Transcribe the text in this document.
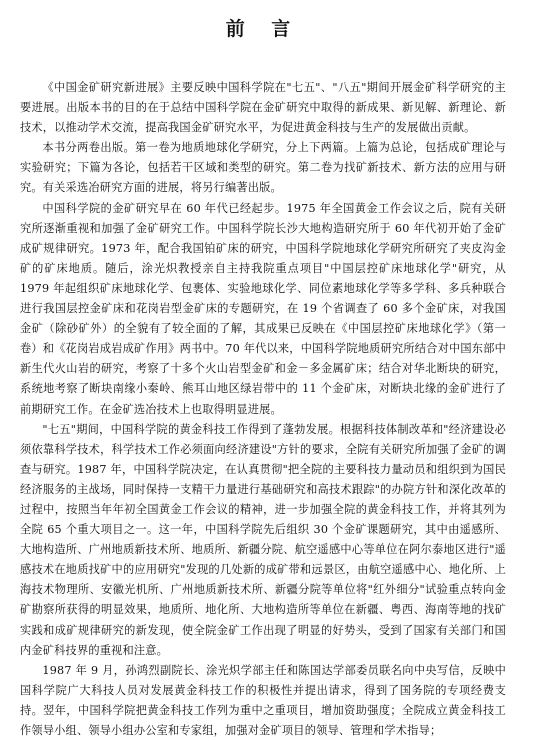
前 言

《中国金矿研究新进展》主要反映中国科学院在"七五"、"八五"期间开展金矿科学研究的主要进展。出版本书的目的在于总结中国科学院在金矿研究中取得的新成果、新见解、新理论、新技术，以推动学术交流，提高我国金矿研究水平，为促进黄金科技与生产的发展做出贡献。

本书分两卷出版。第一卷为地质地球化学研究，分上下两篇。上篇为总论，包括成矿理论与实验研究；下篇为各论，包括若干区域和类型的研究。第二卷为找矿新技术、新方法的应用与研究。有关采选冶研究方面的进展，将另行编著出版。

中国科学院的金矿研究早在 60 年代已经起步。1975 年全国黄金工作会议之后，院有关研究所逐渐重视和加强了金矿研究工作。中国科学院长沙大地构造研究所于 60 年代初开始了金矿成矿规律研究。1973 年，配合我国铂矿床的研究，中国科学院地球化学研究所研究了夹皮沟金矿的矿床地质。随后，涂光炽教授亲自主持我院重点项目"中国层控矿床地球化学"研究，从 1979 年起组织矿床地球化学、包裹体、实验地球化学、同位素地球化学等多学科、多兵种联合进行我国层控金矿床和花岗岩型金矿床的专题研究，在 19 个省调查了 60 多个金矿床，对我国金矿（除砂矿外）的全貌有了较全面的了解，其成果已反映在《中国层控矿床地球化学》（第一卷）和《花岗岩成岩成矿作用》两书中。70 年代以来，中国科学院地质研究所结合对中国东部中新生代火山岩的研究，考察了十多个火山岩型金矿和金－多金属矿床；结合对华北断块的研究，系统地考察了断块南缘小秦岭、熊耳山地区绿岩带中的 11 个金矿床，对断块北缘的金矿进行了前期研究工作。在金矿选冶技术上也取得明显进展。

"七五"期间，中国科学院的黄金科技工作得到了蓬勃发展。根据科技体制改革和"经济建设必须依靠科学技术，科学技术工作必须面向经济建设"方针的要求，全院有关研究所加强了金矿的调查与研究。1987 年，中国科学院决定，在认真贯彻"把全院的主要科技力量动员和组织到为国民经济服务的主战场，同时保持一支精干力量进行基础研究和高技术跟踪"的办院方针和深化改革的过程中，按照当年年初全国黄金工作会议的精神，进一步加强全院的黄金科技工作，并将其列为全院 65 个重大项目之一。这一年，中国科学院先后组织 30 个金矿课题研究，其中由遥感所、大地构造所、广州地质新技术所、地质所、新疆分院、航空遥感中心等单位在阿尔泰地区进行"遥感技术在地质找矿中的应用研究"发现的几处新的成矿带和远景区，由航空遥感中心、地化所、上海技术物理所、安徽光机所、广州地质新技术所、新疆分院等单位将"红外细分"试验重点转向金矿勘察所获得的明显效果，地质所、地化所、大地构造所等单位在新疆、粤西、海南等地的找矿实践和成矿规律研究的新发现，使全院金矿工作出现了明显的好势头，受到了国家有关部门和国内金矿科技界的重视和注意。

1987 年 9 月，孙鸿烈副院长、涂光炽学部主任和陈国达学部委员联名向中央写信，反映中国科学院广大科技人员对发展黄金科技工作的积极性并提出请求，得到了国务院的专项经费支持。翌年，中国科学院把黄金科技工作列为重中之重项目，增加资助强度；全院成立黄金科技工作领导小组、领导小组办公室和专家组，加强对金矿项目的领导、管理和学术指导；
